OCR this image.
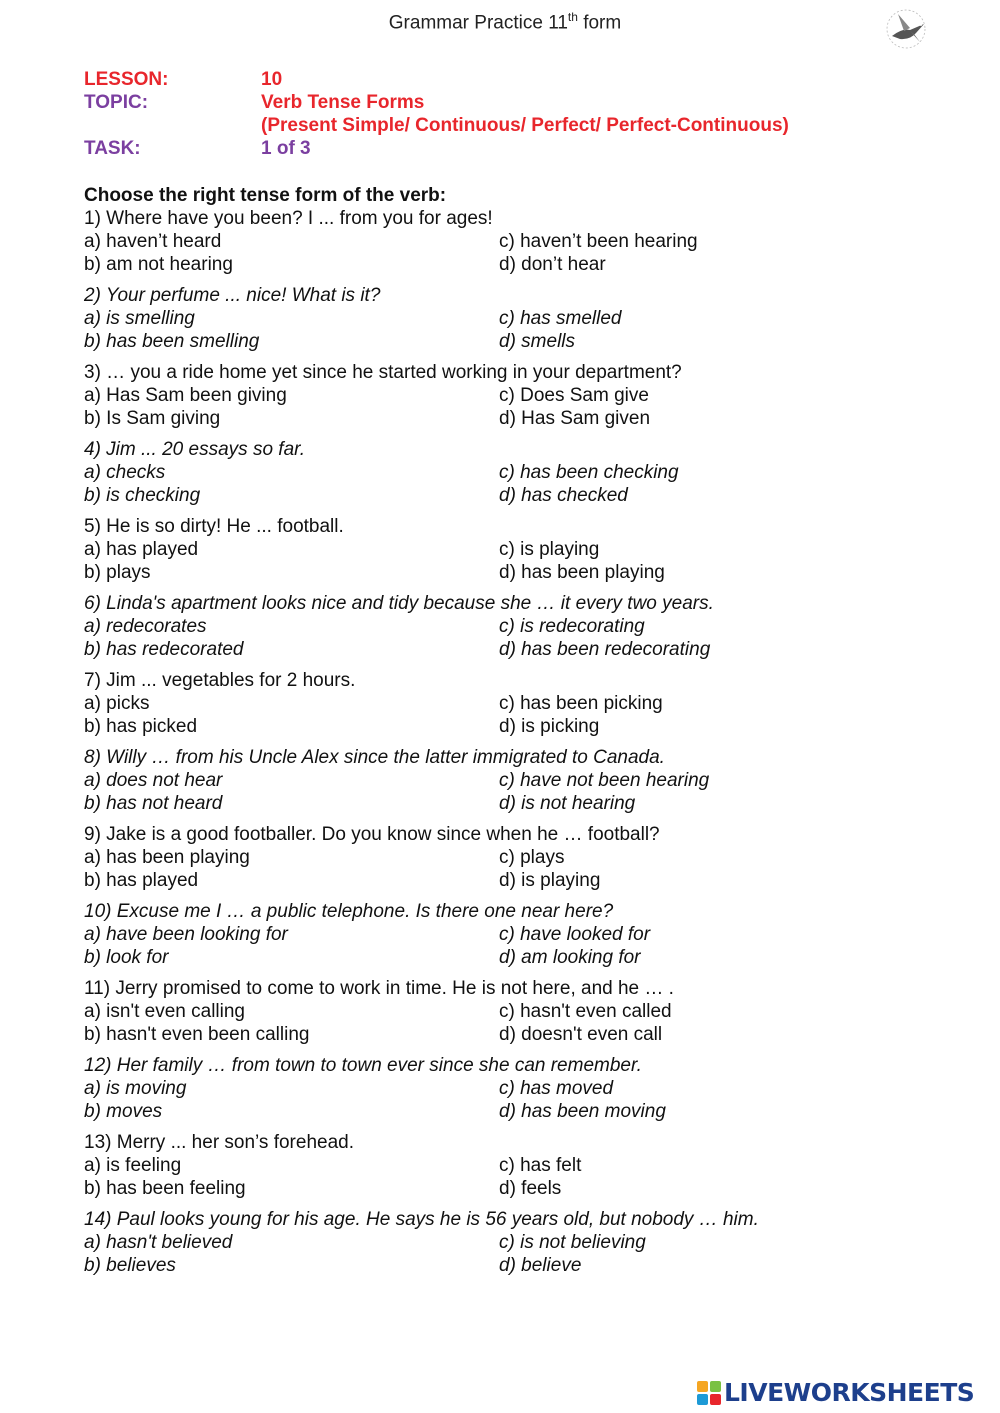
Grammar Practice 11th form
LESSON:	10
TOPIC:	Verb Tense Forms
(Present Simple/ Continuous/ Perfect/ Perfect-Continuous)
TASK:	1 of 3
Choose the right tense form of the verb:
1) Where have you been? I ... from you for ages!
a) haven’t heard	c) haven’t been hearing
b) am not hearing	d) don’t hear
2) Your perfume ... nice! What is it?
a) is smelling	c) has smelled
b) has been smelling	d) smells
3) … you a ride home yet since he started working in your department?
a) Has Sam been giving	c) Does Sam give
b) Is Sam giving	d) Has Sam given
4) Jim ... 20 essays so far.
a) checks	c) has been checking
b) is checking	d) has checked
5) He is so dirty! He ... football.
a) has played	c) is playing
b) plays	d) has been playing
6) Linda's apartment looks nice and tidy because she … it every two years.
a) redecorates	c) is redecorating
b) has redecorated	d) has been redecorating
7) Jim ... vegetables for 2 hours.
a) picks	c) has been picking
b) has picked	d) is picking
8) Willy … from his Uncle Alex since the latter immigrated to Canada.
a) does not hear	c) have not been hearing
b) has not heard	d) is not hearing
9) Jake is a good footballer. Do you know since when he … football?
a) has been playing	c) plays
b) has played	d) is playing
10) Excuse me I … a public telephone. Is there one near here?
a) have been looking for	c) have looked for
b) look for	d) am looking for
11) Jerry promised to come to work in time. He is not here, and he … .
a) isn't even calling	c) hasn't even called
b) hasn't even been calling	d) doesn't even call
12) Her family … from town to town ever since she can remember.
a) is moving	c) has moved
b) moves	d) has been moving
13) Merry ... her son’s forehead.
a) is feeling	c) has felt
b) has been feeling	d) feels
14) Paul looks young for his age. He says he is 56 years old, but nobody … him.
a) hasn't believed	c) is not believing
b) believes	d) believe
LIVEWORKSHEETS
